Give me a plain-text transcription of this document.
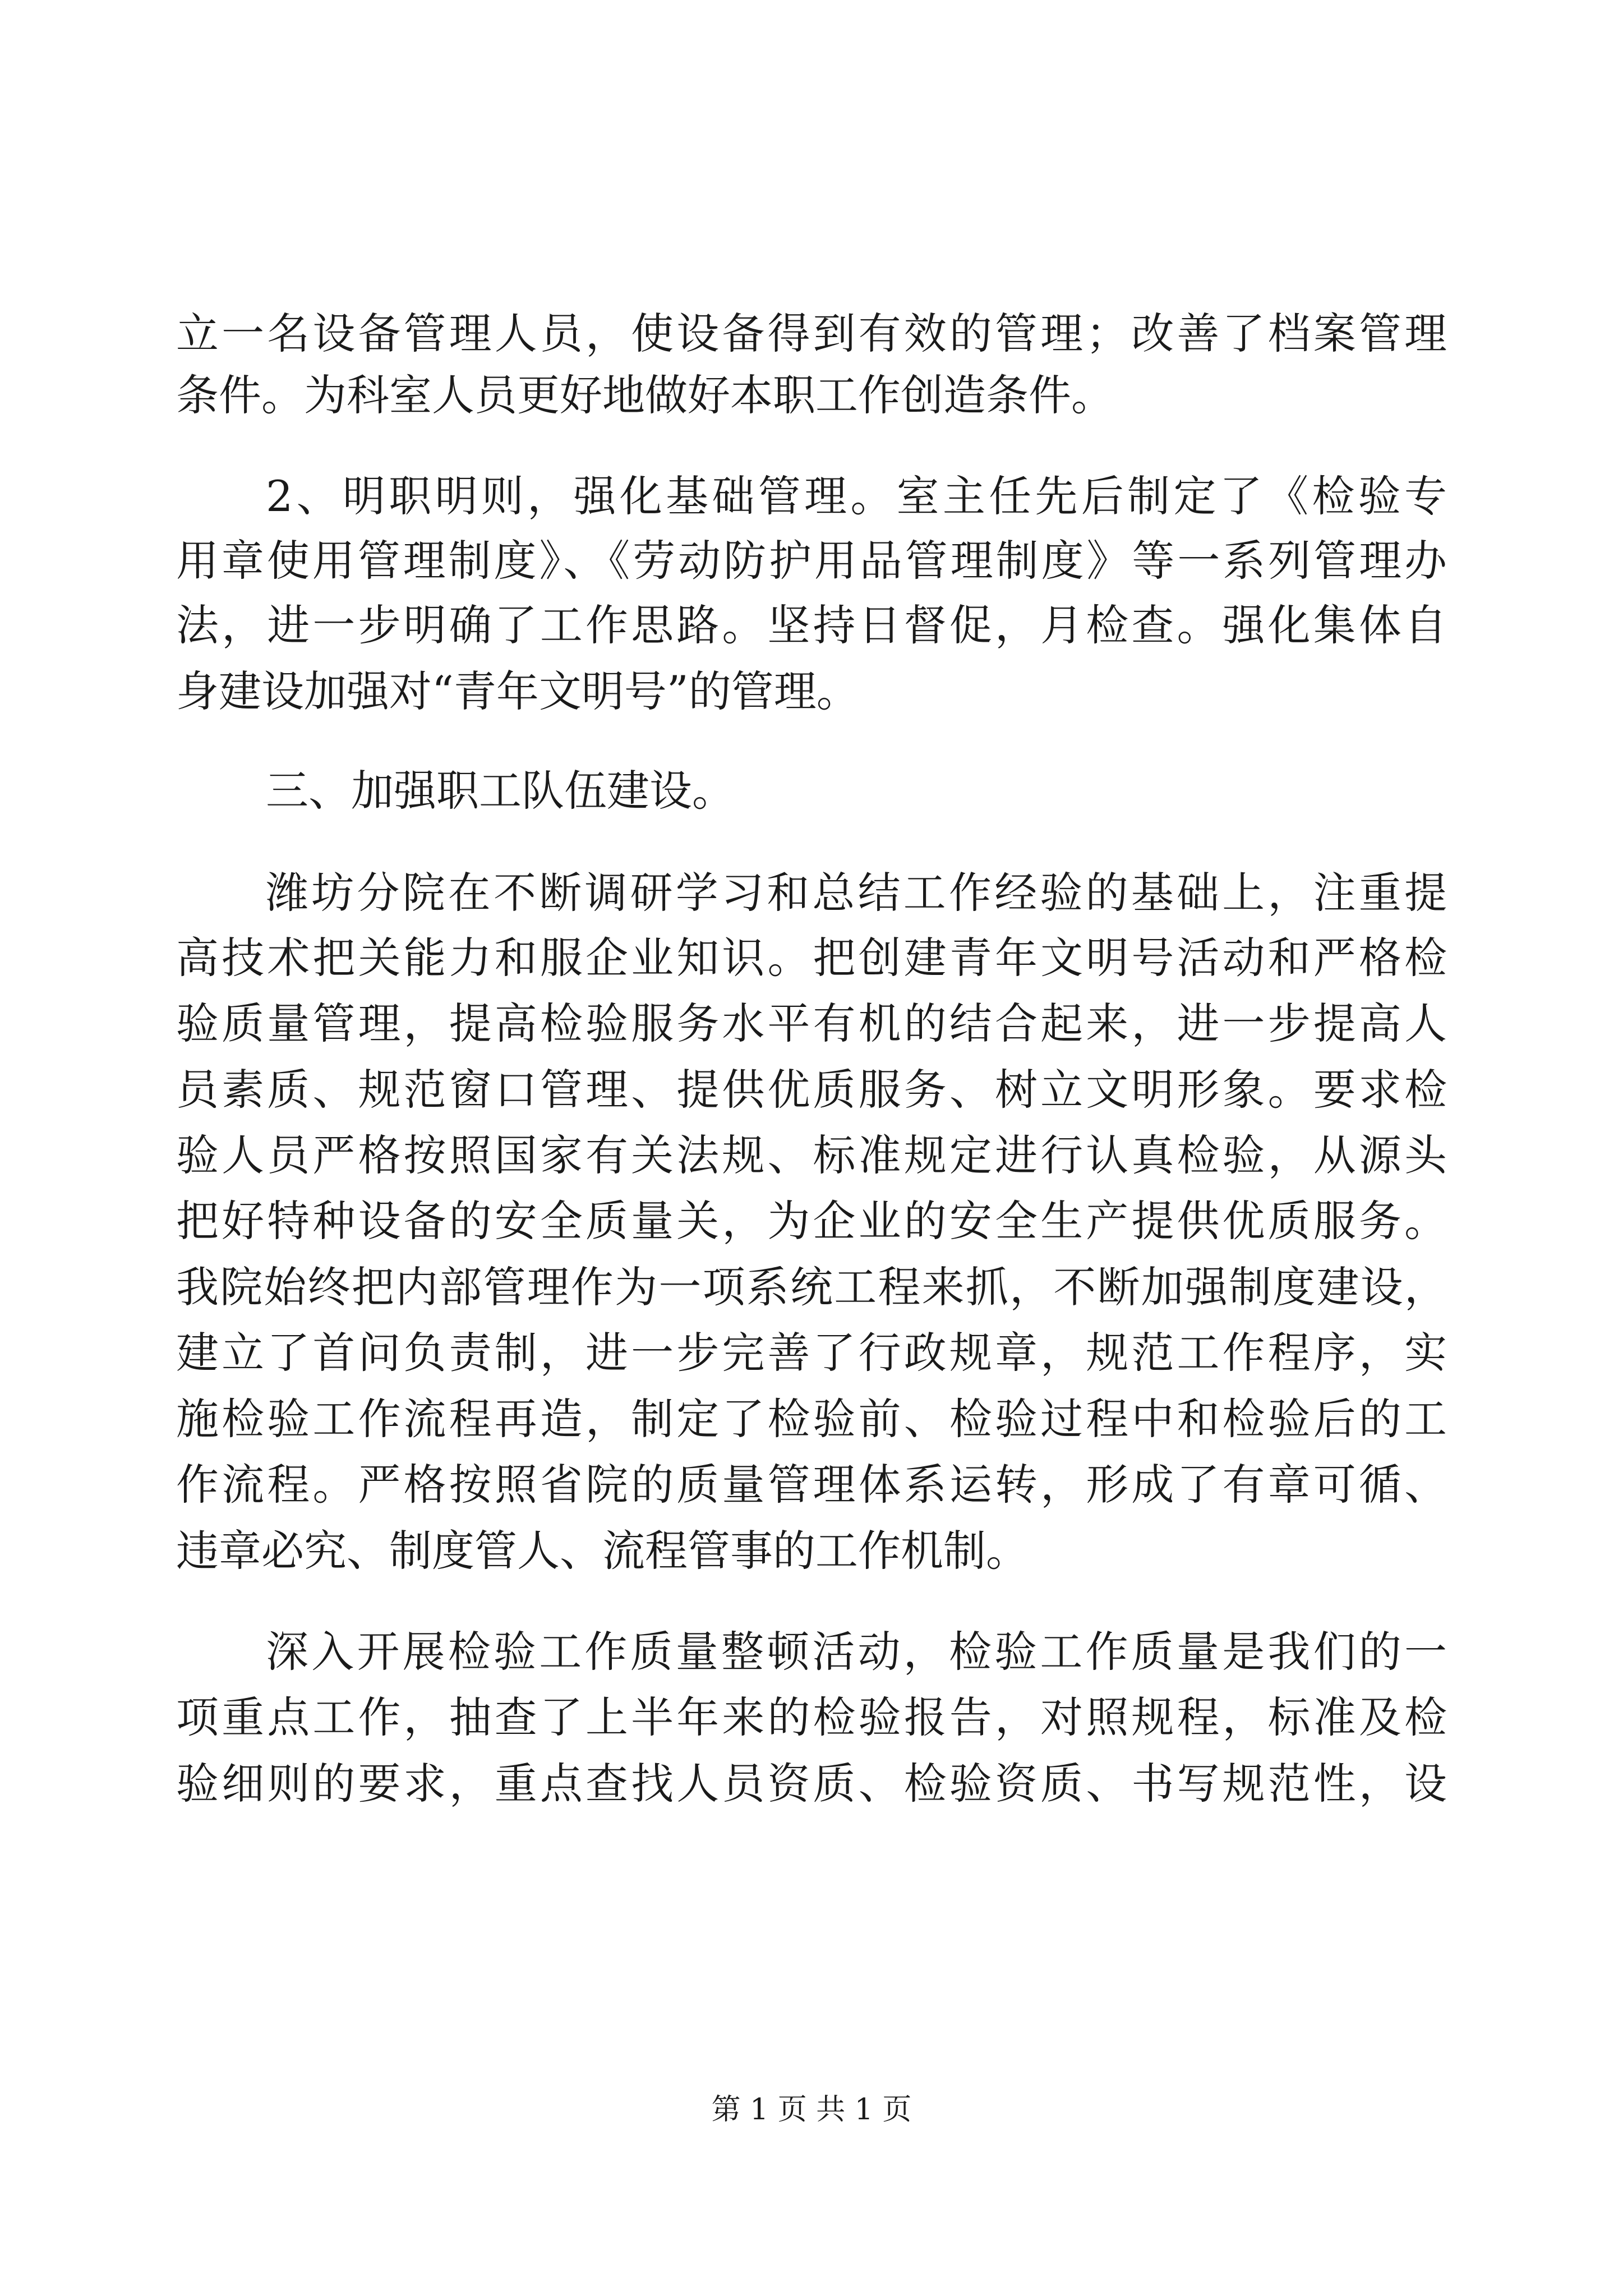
立一名设备管理人员，使设备得到有效的管理；改善了档案管理
条件。为科室人员更好地做好本职工作创造条件。
2、明职明则，强化基础管理。室主任先后制定了《检验专
用章使用管理制度》、《劳动防护用品管理制度》等一系列管理办
法，进一步明确了工作思路。坚持日督促，月检查。强化集体自
身建设加强对“青年文明号”的管理。
三、加强职工队伍建设。
潍坊分院在不断调研学习和总结工作经验的基础上，注重提
高技术把关能力和服企业知识。把创建青年文明号活动和严格检
验质量管理，提高检验服务水平有机的结合起来，进一步提高人
员素质、规范窗口管理、提供优质服务、树立文明形象。要求检
验人员严格按照国家有关法规、标准规定进行认真检验，从源头
把好特种设备的安全质量关，为企业的安全生产提供优质服务。
我院始终把内部管理作为一项系统工程来抓，不断加强制度建设，
建立了首问负责制，进一步完善了行政规章，规范工作程序，实
施检验工作流程再造，制定了检验前、检验过程中和检验后的工
作流程。严格按照省院的质量管理体系运转，形成了有章可循、
违章必究、制度管人、流程管事的工作机制。
深入开展检验工作质量整顿活动，检验工作质量是我们的一
项重点工作，抽查了上半年来的检验报告，对照规程，标准及检
验细则的要求，重点查找人员资质、检验资质、书写规范性，设
第 1 页 共 1 页
